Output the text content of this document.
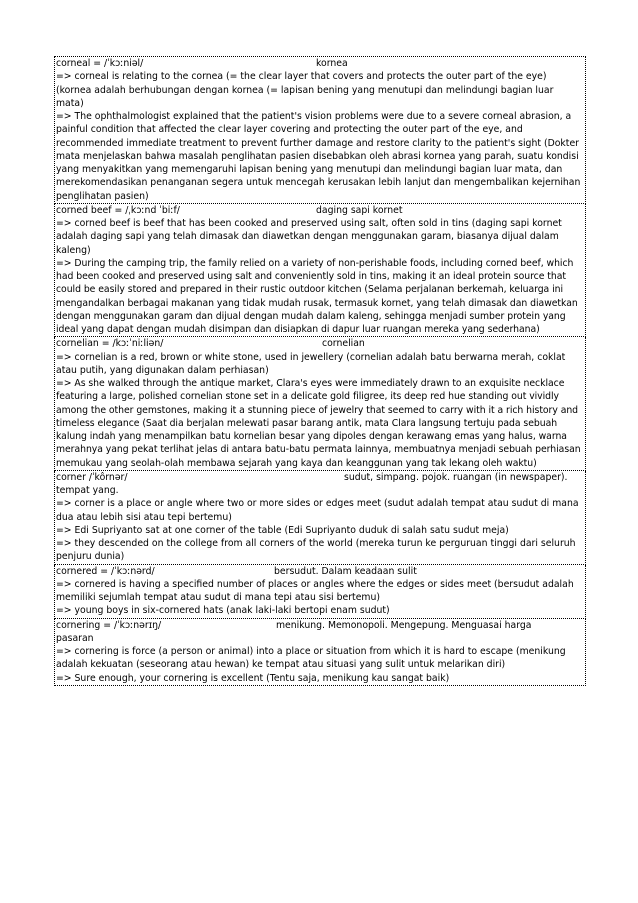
corneal = /ˈkɔːniəl/	kornea
=> corneal is relating to the cornea (= the clear layer that covers and protects the outer part of the eye) (kornea adalah berhubungan dengan kornea (= lapisan bening yang menutupi dan melindungi bagian luar mata)
=> The ophthalmologist explained that the patient's vision problems were due to a severe corneal abrasion, a painful condition that affected the clear layer covering and protecting the outer part of the eye, and recommended immediate treatment to prevent further damage and restore clarity to the patient's sight (Dokter mata menjelaskan bahwa masalah penglihatan pasien disebabkan oleh abrasi kornea yang parah, suatu kondisi yang menyakitkan yang memengaruhi lapisan bening yang menutupi dan melindungi bagian luar mata, dan merekomendasikan penanganan segera untuk mencegah kerusakan lebih lanjut dan mengembalikan kejernihan penglihatan pasien)
corned beef = /ˌkɔːnd ˈbiːf/	daging sapi kornet
=> corned beef is beef that has been cooked and preserved using salt, often sold in tins (daging sapi kornet adalah daging sapi yang telah dimasak dan diawetkan dengan menggunakan garam, biasanya dijual dalam kaleng)
=> During the camping trip, the family relied on a variety of non-perishable foods, including corned beef, which had been cooked and preserved using salt and conveniently sold in tins, making it an ideal protein source that could be easily stored and prepared in their rustic outdoor kitchen (Selama perjalanan berkemah, keluarga ini mengandalkan berbagai makanan yang tidak mudah rusak, termasuk kornet, yang telah dimasak dan diawetkan dengan menggunakan garam dan dijual dengan mudah dalam kaleng, sehingga menjadi sumber protein yang ideal yang dapat dengan mudah disimpan dan disiapkan di dapur luar ruangan mereka yang sederhana)
cornelian = /kɔːˈniːliən/	cornelian
=> cornelian is a red, brown or white stone, used in jewellery (cornelian adalah batu berwarna merah, coklat atau putih, yang digunakan dalam perhiasan)
=> As she walked through the antique market, Clara's eyes were immediately drawn to an exquisite necklace featuring a large, polished cornelian stone set in a delicate gold filigree, its deep red hue standing out vividly among the other gemstones, making it a stunning piece of jewelry that seemed to carry with it a rich history and timeless elegance (Saat dia berjalan melewati pasar barang antik, mata Clara langsung tertuju pada sebuah kalung indah yang menampilkan batu kornelian besar yang dipoles dengan kerawang emas yang halus, warna merahnya yang pekat terlihat jelas di antara batu-batu permata lainnya, membuatnya menjadi sebuah perhiasan memukau yang seolah-olah membawa sejarah yang kaya dan keanggunan yang tak lekang oleh waktu)
corner /ˈkôrnər/	sudut, simpang. pojok. ruangan (in newspaper).
tempat yang.
=> corner is a place or angle where two or more sides or edges meet (sudut adalah tempat atau sudut di mana dua atau lebih sisi atau tepi bertemu)
=> Edi Supriyanto sat at one corner of the table (Edi Supriyanto duduk di salah satu sudut meja)
=> they descended on the college from all corners of the world (mereka turun ke perguruan tinggi dari seluruh penjuru dunia)
cornered = /ˈkɔːnərd/	bersudut. Dalam keadaan sulit
=> cornered is having a specified number of places or angles where the edges or sides meet (bersudut adalah memiliki sejumlah tempat atau sudut di mana tepi atau sisi bertemu)
=> young boys in six-cornered hats (anak laki-laki bertopi enam sudut)
cornering = /ˈkɔːnərɪŋ/	menikung. Memonopoli. Mengepung. Menguasai harga
pasaran
=> cornering is force (a person or animal) into a place or situation from which it is hard to escape (menikung adalah kekuatan (seseorang atau hewan) ke tempat atau situasi yang sulit untuk melarikan diri)
=> Sure enough, your cornering is excellent (Tentu saja, menikung kau sangat baik)
